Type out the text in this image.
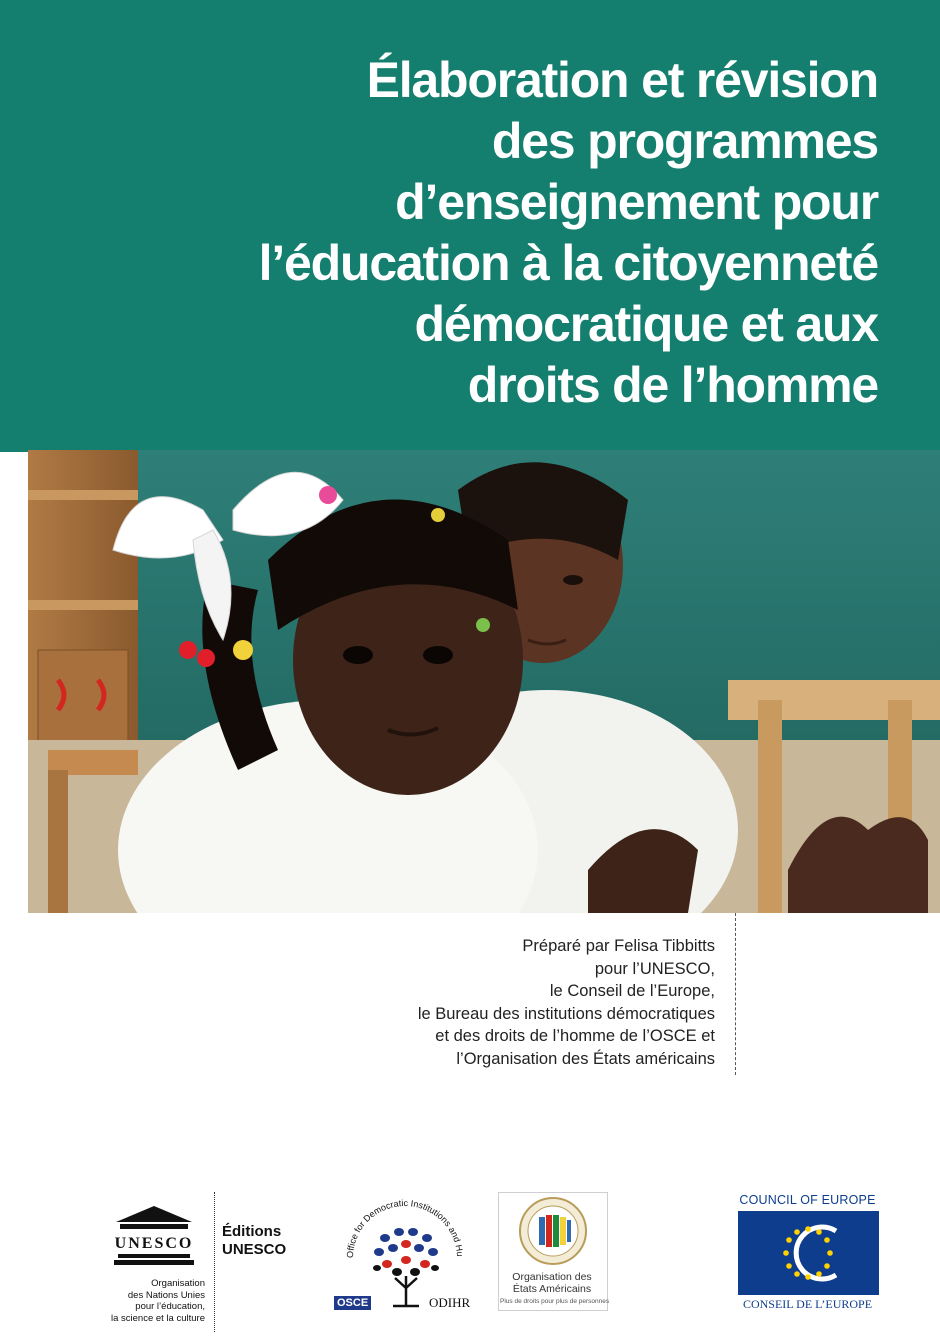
Élaboration et révision
des programmes
d’enseignement pour
l’éducation à la citoyenneté
démocratique et aux
droits de l’homme
Préparé par Felisa Tibbitts
pour l’UNESCO,
le Conseil de l’Europe,
le Bureau des institutions démocratiques
et des droits de l’homme de l’OSCE et
l’Organisation des États américains
UNESCO
Organisation
des Nations Unies
pour l’éducation,
la science et la culture
Éditions
UNESCO	Office for Democratic Institutions and Hu
OSCE	ODIHR
Organisation des
États Américains
Plus de droits pour plus de personnes
COUNCIL OF EUROPE
CONSEIL DE L’EUROPE
